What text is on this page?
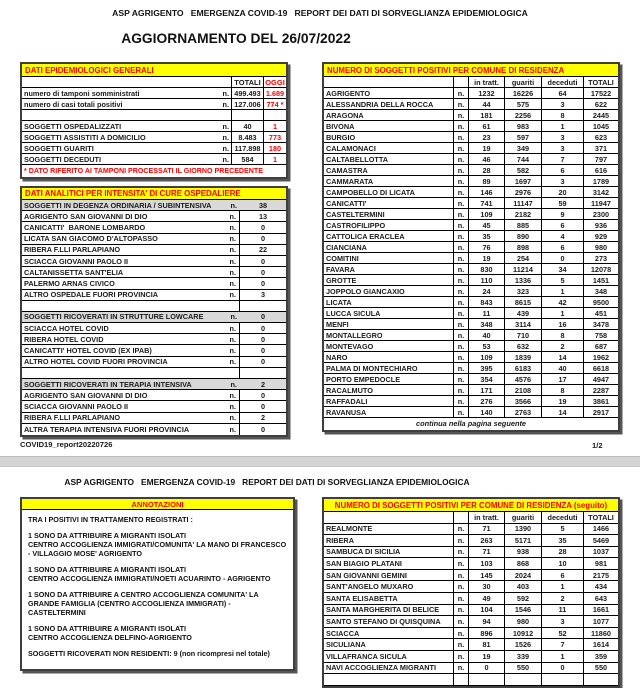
ASP AGRIGENTO   EMERGENZA COVID-19   REPORT DEI DATI DI SORVEGLIANZA EPIDEMIOLOGICA
AGGIORNAMENTO DEL 26/07/2022
DATI EPIDEMIOLOGICI GENERALI
TOTALI OGGI
numero di tamponi somministrati	n. 499.493 1.689
numero di casi totali positivi	n. 127.006 774 *
SOGGETTI OSPEDALIZZATI	n.	40	1
SOGGETTI ASSISTITI A DOMICILIO	n.	8.483	773
SOGGETTI GUARITI	n. 117.898	180
SOGGETTI DECEDUTI	n.	584	1
* DATO RIFERITO AI TAMPONI PROCESSATI IL GIORNO PRECEDENTE
DATI ANALITICI PER INTENSITA' DI CURE OSPEDALIERE
SOGGETTI IN DEGENZA ORDINARIA / SUBINTENSIVA	n.	38
AGRIGENTO SAN GIOVANNI DI DIO	n.	13
CANICATTI'  BARONE LOMBARDO	n.	0
LICATA SAN GIACOMO D'ALTOPASSO	n.	0
RIBERA F.LLI PARLAPIANO	n.	22
SCIACCA GIOVANNI PAOLO II	n.	0
CALTANISSETTA SANT'ELIA	n.	0
PALERMO ARNAS CIVICO	n.	0
ALTRO OSPEDALE FUORI PROVINCIA	n.	3
SOGGETTI RICOVERATI IN STRUTTURE LOWCARE	n.	0
SCIACCA HOTEL COVID	n.	0
RIBERA HOTEL COVID	n.	0
CANICATTI' HOTEL COVID (EX IPAB)	n.	0
ALTRO HOTEL COVID FUORI PROVINCIA	n.	0
SOGGETTI RICOVERATI IN TERAPIA INTENSIVA	n.	2
AGRIGENTO SAN GIOVANNI DI DIO	n.	0
SCIACCA GIOVANNI PAOLO II	n.	0
RIBERA F.LLI PARLAPIANO	n.	2
ALTRA TERAPIA INTENSIVA FUORI PROVINCIA	n.	0
NUMERO DI SOGGETTI POSITIVI PER COMUNE DI RESIDENZA
in tratt.	guariti	deceduti	TOTALI
AGRIGENTO	n.	1232	16226	64	17522
ALESSANDRIA DELLA ROCCA	n.	44	575	3	622
ARAGONA	n.	181	2256	8	2445
BIVONA	n.	61	983	1	1045
BURGIO	n.	23	597	3	623
CALAMONACI	n.	19	349	3	371
CALTABELLOTTA	n.	46	744	7	797
CAMASTRA	n.	28	582	6	616
CAMMARATA	n.	89	1697	3	1789
CAMPOBELLO DI LICATA	n.	146	2976	20	3142
CANICATTI'	n.	741	11147	59	11947
CASTELTERMINI	n.	109	2182	9	2300
CASTROFILIPPO	n.	45	885	6	936
CATTOLICA ERACLEA	n.	35	890	4	929
CIANCIANA	n.	76	898	6	980
COMITINI	n.	19	254	0	273
FAVARA	n.	830	11214	34	12078
GROTTE	n.	110	1336	5	1451
JOPPOLO GIANCAXIO	n.	24	323	1	348
LICATA	n.	843	8615	42	9500
LUCCA SICULA	n.	11	439	1	451
MENFI	n.	348	3114	16	3478
MONTALLEGRO	n.	40	710	8	758
MONTEVAGO	n.	53	632	2	687
NARO	n.	109	1839	14	1962
PALMA DI MONTECHIARO	n.	395	6183	40	6618
PORTO EMPEDOCLE	n.	354	4576	17	4947
RACALMUTO	n.	171	2108	8	2287
RAFFADALI	n.	276	3566	19	3861
RAVANUSA	n.	140	2763	14	2917
continua nella pagina seguente
COVID19_report20220726	1/2
ASP AGRIGENTO   EMERGENZA COVID-19   REPORT DEI DATI DI SORVEGLIANZA EPIDEMIOLOGICA
ANNOTAZIONI
TRA I POSITIVI IN TRATTAMENTO REGISTRATI :
1 SONO DA ATTRIBUIRE A MIGRANTI ISOLATI
CENTRO ACCOGLIENZA IMMIGRATI/COMUNITA' LA MANO DI FRANCESCO - VILLAGGIO MOSE' AGRIGENTO
1 SONO DA ATTRIBUIRE A MIGRANTI ISOLATI
CENTRO ACCOGLIENZA IMMIGRATI/NOETI ACUARINTO - AGRIGENTO
1 SONO DA ATTRIBUIRE A CENTRO ACCOGLIENZA COMUNITA' LA GRANDE FAMIGLIA (CENTRO ACCOGLIENZA IMMIGRATI) - CASTELTERMINI
1 SONO DA ATTRIBUIRE A MIGRANTI ISOLATI
CENTRO ACCOGLIENZA DELFINO-AGRIGENTO
SOGGETTI RICOVERATI NON RESIDENTI: 9 (non ricompresi nel totale)
NUMERO DI SOGGETTI POSITIVI PER COMUNE DI RESIDENZA (seguito)
in tratt.	guariti	deceduti	TOTALI
REALMONTE	n.	71	1390	5	1466
RIBERA	n.	263	5171	35	5469
SAMBUCA DI SICILIA	n.	71	938	28	1037
SAN BIAGIO PLATANI	n.	103	868	10	981
SAN GIOVANNI GEMINI	n.	145	2024	6	2175
SANT'ANGELO MUXARO	n.	30	403	1	434
SANTA ELISABETTA	n.	49	592	2	643
SANTA MARGHERITA DI BELICE	n.	104	1546	11	1661
SANTO STEFANO DI QUISQUINA	n.	94	980	3	1077
SCIACCA	n.	896	10912	52	11860
SICULIANA	n.	81	1526	7	1614
VILLAFRANCA SICULA	n.	19	339	1	359
NAVI ACCOGLIENZA MIGRANTI	n.	0	550	0	550
